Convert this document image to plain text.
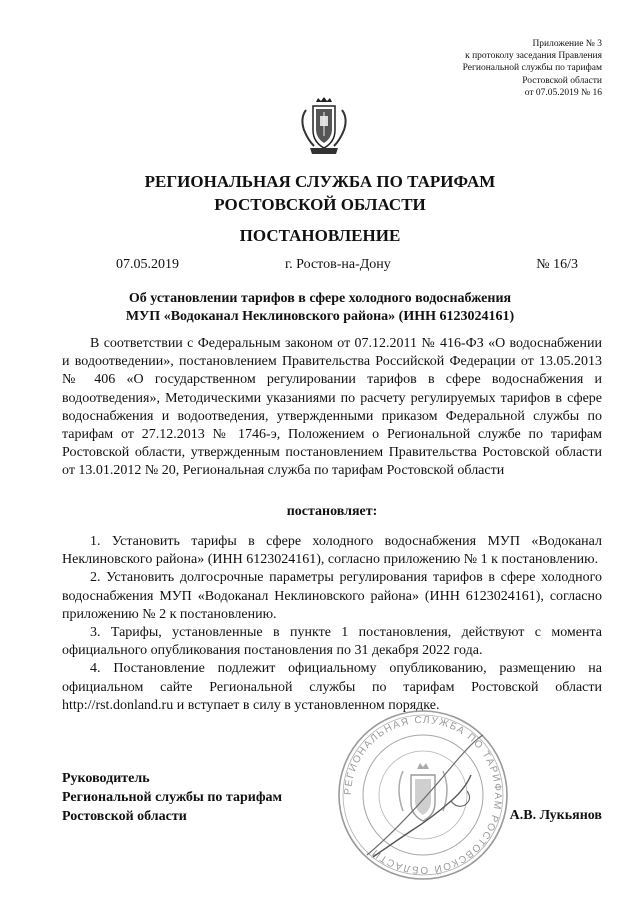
Приложение № 3
к протоколу заседания Правления
Региональной службы по тарифам
Ростовской области
от 07.05.2019 № 16
РЕГИОНАЛЬНАЯ СЛУЖБА ПО ТАРИФАМ
РОСТОВСКОЙ ОБЛАСТИ
ПОСТАНОВЛЕНИЕ
07.05.2019	г. Ростов-на-Дону	№ 16/3
Об установлении тарифов в сфере холодного водоснабжения
МУП «Водоканал Неклиновского района» (ИНН 6123024161)

В соответствии с Федеральным законом от 07.12.2011 № 416-ФЗ «О водоснабжении и водоотведении», постановлением Правительства Российской Федерации от 13.05.2013 № 406 «О государственном регулировании тарифов в сфере водоснабжения и водоотведения», Методическими указаниями по расчету регулируемых тарифов в сфере водоснабжения и водоотведения, утвержденными приказом Федеральной службы по тарифам от 27.12.2013 № 1746-э, Положением о Региональной службе по тарифам Ростовской области, утвержденным постановлением Правительства Ростовской области от 13.01.2012 № 20, Региональная служба по тарифам Ростовской области

постановляет:

1. Установить тарифы в сфере холодного водоснабжения МУП «Водоканал Неклиновского района» (ИНН 6123024161), согласно приложению № 1 к постановлению.

2. Установить долгосрочные параметры регулирования тарифов в сфере холодного водоснабжения МУП «Водоканал Неклиновского района» (ИНН 6123024161), согласно приложению № 2 к постановлению.

3. Тарифы, установленные в пункте 1 постановления, действуют с момента официального опубликования постановления по 31 декабря 2022 года.

4. Постановление подлежит официальному опубликованию, размещению на официальном сайте Региональной службы по тарифам Ростовской области http://rst.donland.ru и вступает в силу в установленном порядке.

РЕГИОНАЛЬНАЯ СЛУЖБА ПО ТАРИФАМ РОСТОВСКОЙ ОБЛАСТИ
Руководитель
Региональной службы по тарифам
Ростовской области	А.В. Лукьянов
